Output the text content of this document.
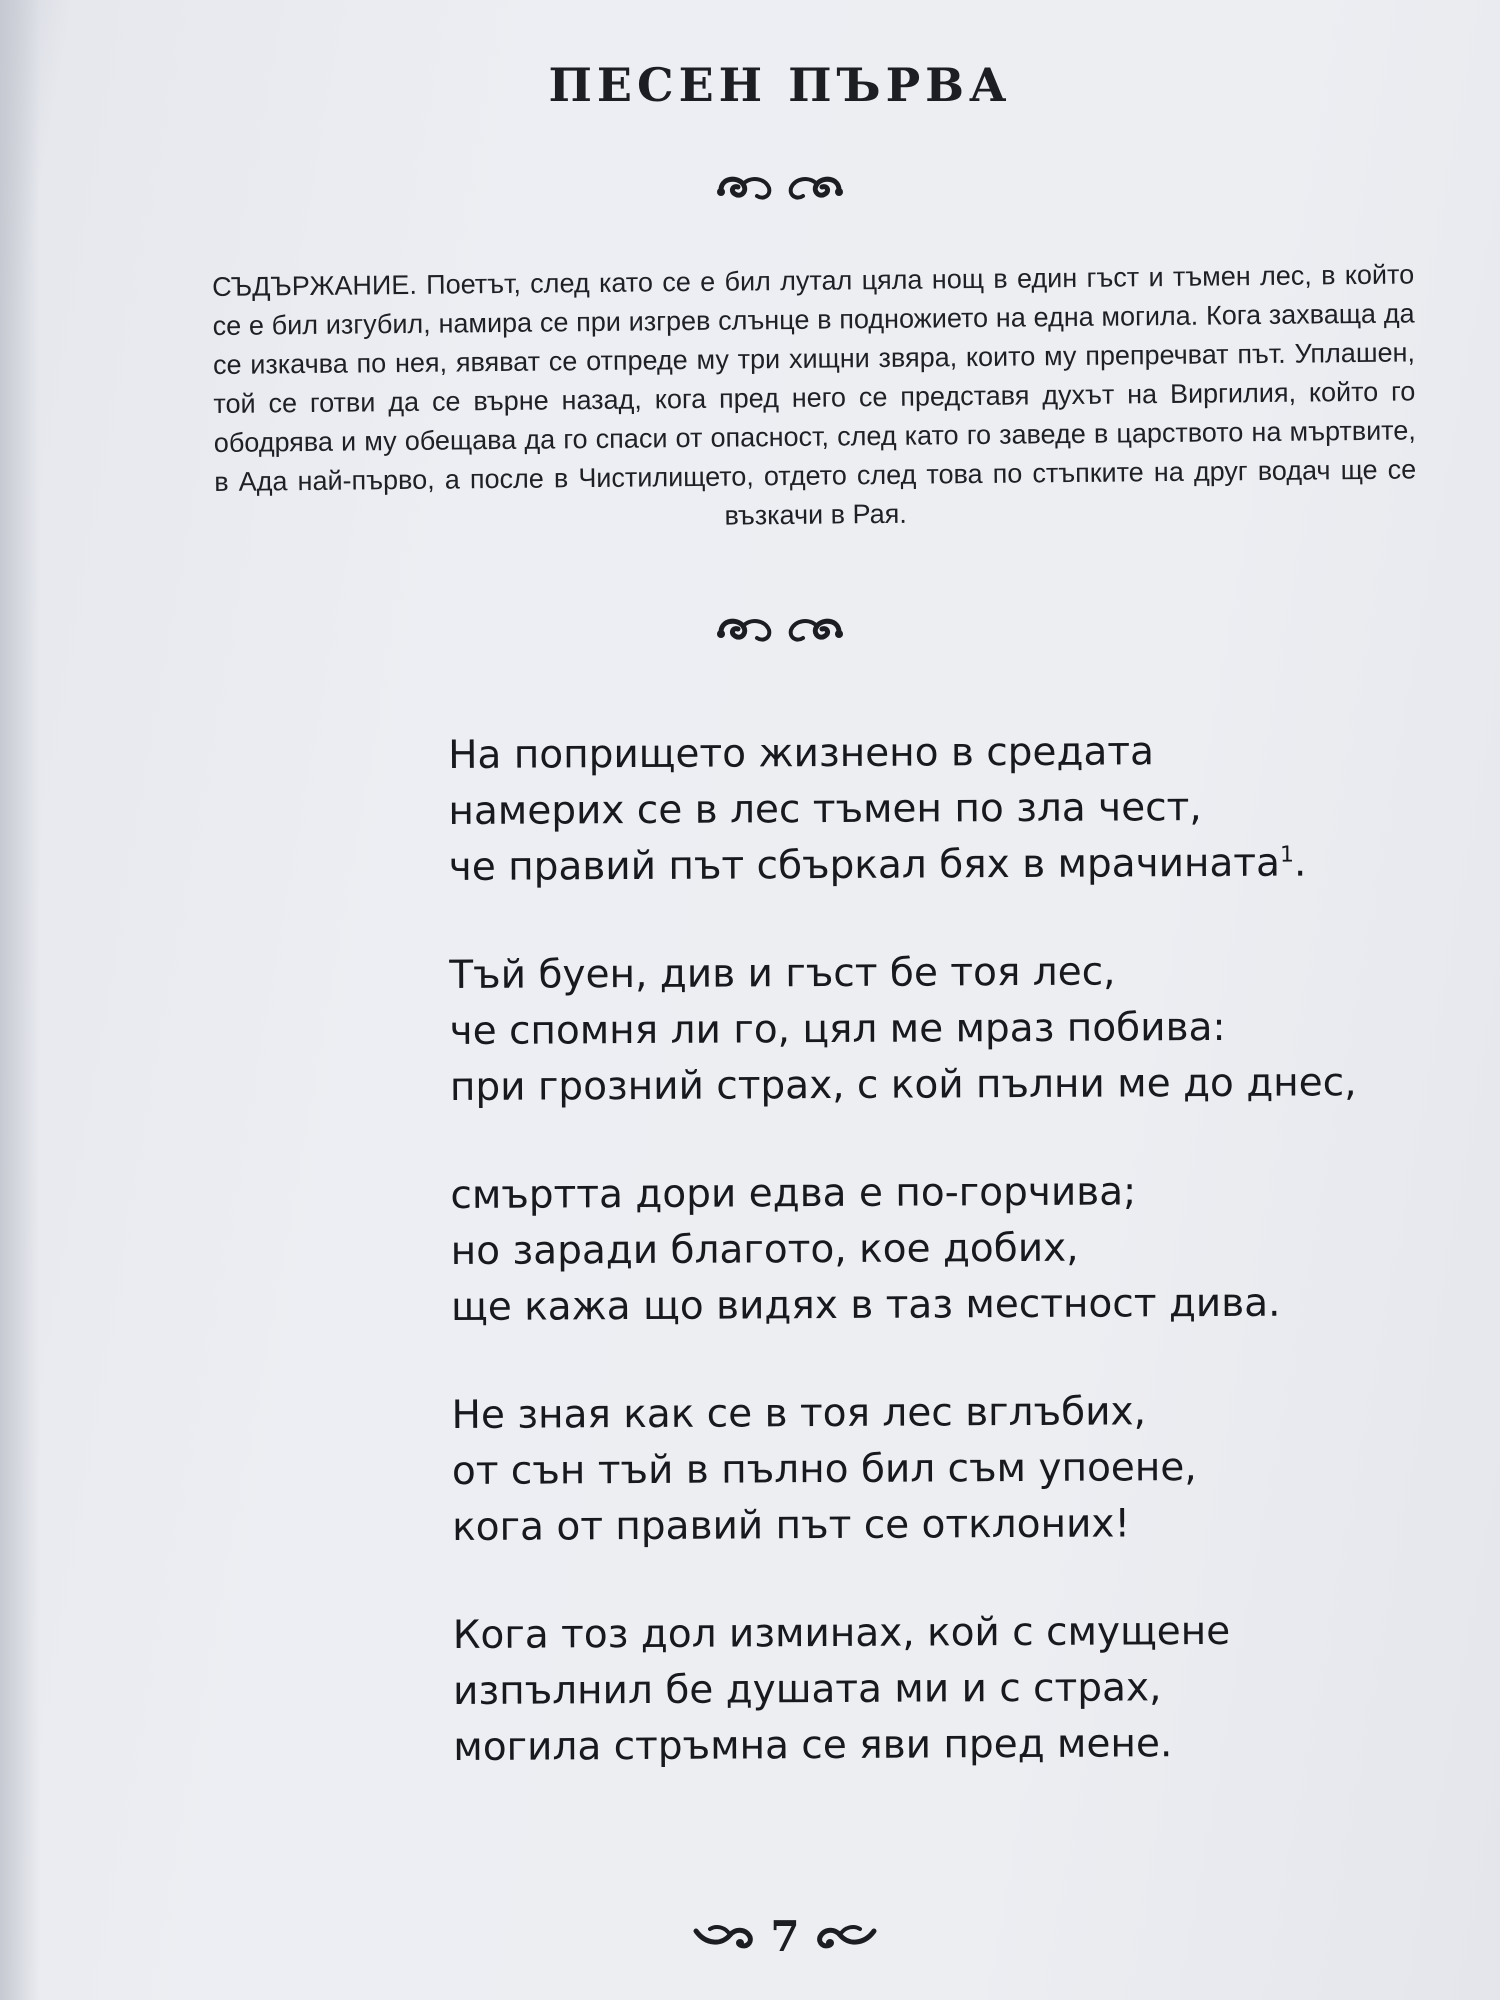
ПЕСЕН ПЪРВА
СЪДЪРЖАНИЕ. Поетът, след като се е бил лутал цяла нощ в един гъст и тъмен лес, в който се е бил изгубил, намира се при изгрев слънце в подножието на една могила. Кога захваща да се изкачва по нея, явяват се отпреде му три хищни звяра, които му препречват път. Уплашен, той се готви да се върне назад, кога пред него се представя духът на Виргилия, който го ободрява и му обещава да го спаси от опасност, след като го заведе в царството на мъртвите, в Ада най-първо, а после в Чистилището, отдето след това по стъпките на друг водач ще се възкачи в Рая.
На попрището жизнено в средата
намерих се в лес тъмен по зла чест,
че правий път сбъркал бях в мрачината$^1$.
Тъй буен, див и гъст бе тоя лес,
че спомня ли го, цял ме мраз побива:
при грозний страх, с кой пълни ме до днес,
смъртта дори едва е по-горчива;
но заради благото, кое добих,
ще кажа що видях в таз местност дива.
Не зная как се в тоя лес вглъбих,
от сън тъй в пълно бил съм упоене,
кога от правий път се отклоних!
Кога тоз дол изминах, кой с смущене
изпълнил бе душата ми и с страх,
могила стръмна се яви пред мене.
7
